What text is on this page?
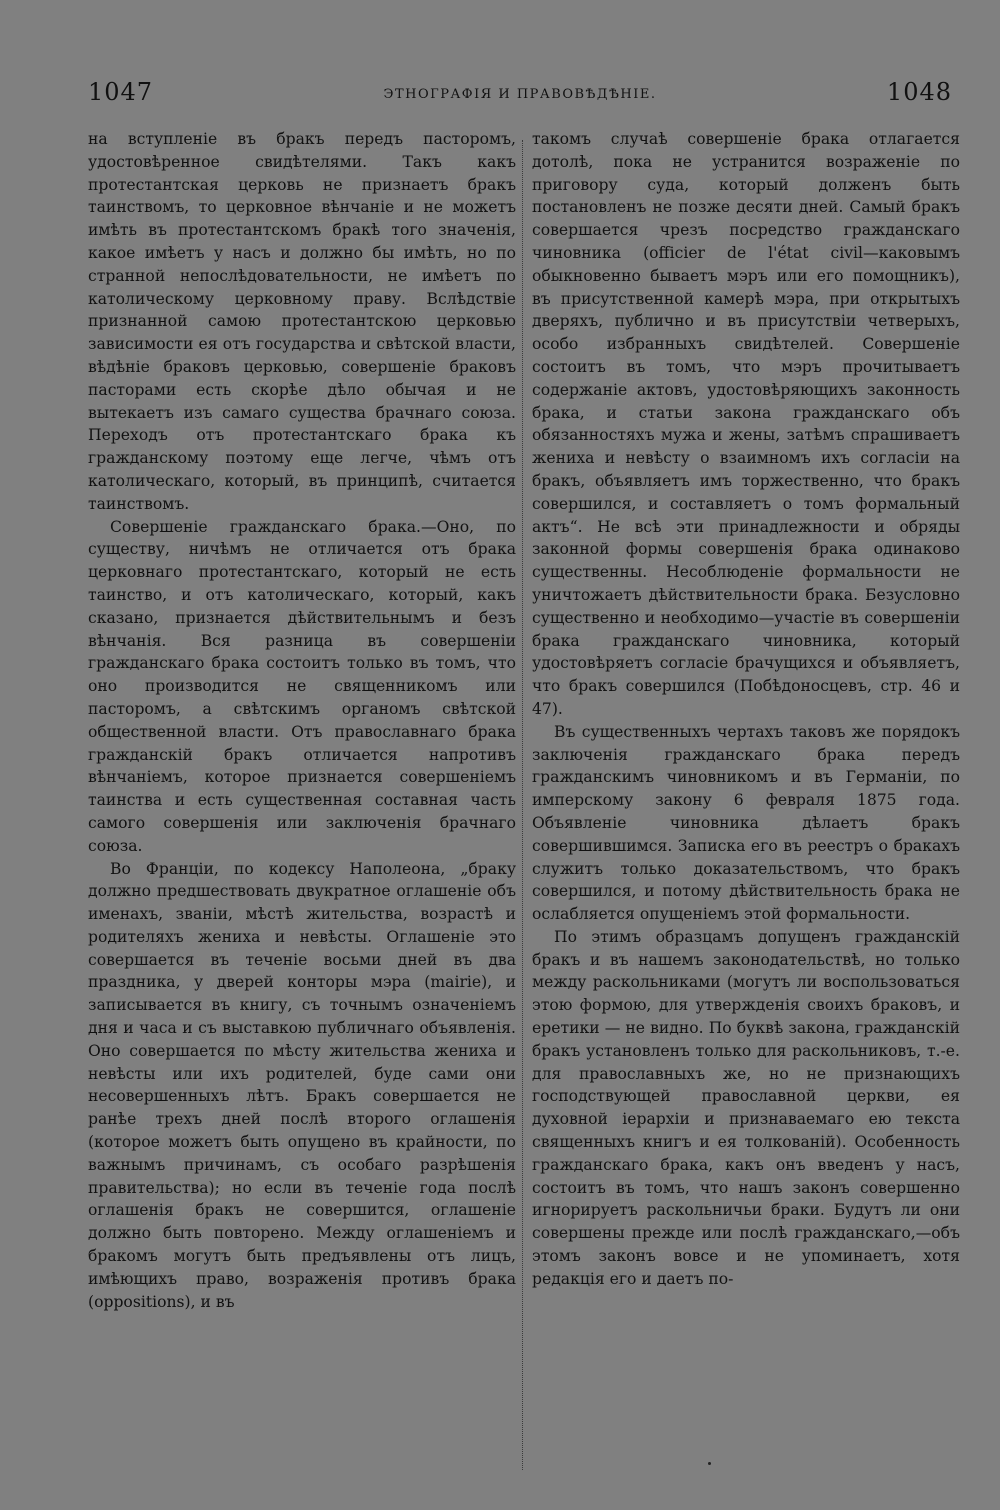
1047	ЭТНОГРАФІЯ И ПРАВОВѢДѢНІЕ.	1048

на вступленіе въ бракъ передъ пасторомъ, удостовѣренное свидѣтелями. Такъ какъ протестантская церковь не признаетъ бракъ таинствомъ, то церковное вѣнчаніе и не можетъ имѣть въ протестантскомъ бракѣ того значенія, какое имѣетъ у насъ и должно бы имѣть, но по странной непослѣдовательности, не имѣетъ по католическому церковному праву. Вслѣдствіе признанной самою протестантскою церковью зависимости ея отъ государства и свѣтской власти, вѣдѣніе браковъ церковью, совершеніе браковъ пасторами есть скорѣе дѣло обычая и не вытекаетъ изъ самаго существа брачнаго союза. Переходъ отъ протестантскаго брака къ гражданскому поэтому еще легче, чѣмъ отъ католическаго, который, въ принципѣ, считается таинствомъ.

Совершеніе гражданскаго брака.—Оно, по существу, ничѣмъ не отличается отъ брака церковнаго протестантскаго, который не есть таинство, и отъ католическаго, который, какъ сказано, признается дѣйствительнымъ и безъ вѣнчанія. Вся разница въ совершеніи гражданскаго брака состоитъ только въ томъ, что оно производится не священникомъ или пасторомъ, а свѣтскимъ органомъ свѣтской общественной власти. Отъ православнаго брака гражданскій бракъ отличается напротивъ вѣнчаніемъ, которое признается совершеніемъ таинства и есть существенная составная часть самого совершенія или заключенія брачнаго союза.

Во Франціи, по кодексу Наполеона, „браку должно предшествовать двукратное оглашеніе объ именахъ, званіи, мѣстѣ жительства, возрастѣ и родителяхъ жениха и невѣсты. Оглашеніе это совершается въ теченіе восьми дней въ два праздника, у дверей конторы мэра (mairie), и записывается въ книгу, съ точнымъ означеніемъ дня и часа и съ выставкою публичнаго объявленія. Оно совершается по мѣсту жительства жениха и невѣсты или ихъ родителей, буде сами они несовершенныхъ лѣтъ. Бракъ совершается не ранѣе трехъ дней послѣ второго оглашенія (которое можетъ быть опущено въ крайности, по важнымъ причинамъ, съ особаго разрѣшенія правительства); но если въ теченіе года послѣ оглашенія бракъ не совершится, оглашеніе должно быть повторено. Между оглашеніемъ и бракомъ могутъ быть предъявлены отъ лицъ, имѣющихъ право, возраженія противъ брака (oppositions), и въ

такомъ случаѣ совершеніе брака отлагается дотолѣ, пока не устранится возраженіе по приговору суда, который долженъ быть постановленъ не позже десяти дней. Самый бракъ совершается чрезъ посредство гражданскаго чиновника (officier de l'état civil—каковымъ обыкновенно бываетъ мэръ или его помощникъ), въ присутственной камерѣ мэра, при открытыхъ дверяхъ, публично и въ присутствіи четверыхъ, особо избранныхъ свидѣтелей. Совершеніе состоитъ въ томъ, что мэръ прочитываетъ содержаніе актовъ, удостовѣряющихъ законность брака, и статьи закона гражданскаго объ обязанностяхъ мужа и жены, затѣмъ спрашиваетъ жениха и невѣсту о взаимномъ ихъ согласіи на бракъ, объявляетъ имъ торжественно, что бракъ совершился, и составляетъ о томъ формальный актъ“. Не всѣ эти принадлежности и обряды законной формы совершенія брака одинаково существенны. Несоблюденіе формальности не уничтожаетъ дѣйствительности брака. Безусловно существенно и необходимо—участіе въ совершеніи брака гражданскаго чиновника, который удостовѣряетъ согласіе брачущихся и объявляетъ, что бракъ совершился (Побѣдоносцевъ, стр. 46 и 47).

Въ существенныхъ чертахъ таковъ же порядокъ заключенія гражданскаго брака передъ гражданскимъ чиновникомъ и въ Германіи, по имперскому закону 6 февраля 1875 года. Объявленіе чиновника дѣлаетъ бракъ совершившимся. Записка его въ реестръ о бракахъ служитъ только доказательствомъ, что бракъ совершился, и потому дѣйствительность брака не ослабляется опущеніемъ этой формальности.

По этимъ образцамъ допущенъ гражданскій бракъ и въ нашемъ законодательствѣ, но только между раскольниками (могутъ ли воспользоваться этою формою, для утвержденія своихъ браковъ, и еретики — не видно. По буквѣ закона, гражданскій бракъ установленъ только для раскольниковъ, т.-е. для православныхъ же, но не признающихъ господствующей православной церкви, ея духовной іерархіи и признаваемаго ею текста священныхъ книгъ и ея толкованій). Особенность гражданскаго брака, какъ онъ введенъ у насъ, состоитъ въ томъ, что нашъ законъ совершенно игнорируетъ раскольничьи браки. Будутъ ли они совершены прежде или послѣ гражданскаго,—объ этомъ законъ вовсе и не упоминаетъ, хотя редакція его и даетъ по-
